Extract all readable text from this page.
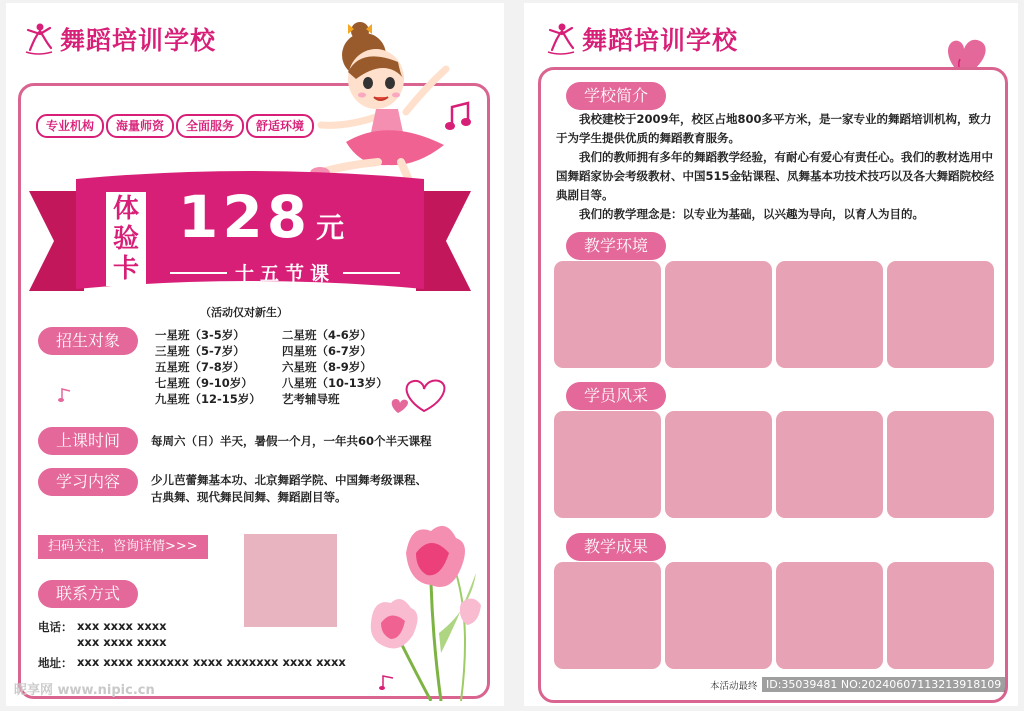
舞蹈培训学校
专业机构	海量师资	全面服务	舒适环境
体
验
卡
128 元
十五节课
（活动仅对新生）
招生对象	一星班（3-5岁）	二星班（4-6岁）
三星班（5-7岁）	四星班（6-7岁）
五星班（7-8岁）	六星班（8-9岁）
七星班（9-10岁）	八星班（10-13岁）
九星班（12-15岁） 艺考辅导班
上课时间	每周六（日）半天，暑假一个月，一年共60个半天课程
学习内容	少儿芭蕾舞基本功、北京舞蹈学院、中国舞考级课程、
古典舞、现代舞民间舞、舞蹈剧目等。
扫码关注，咨询详情>>>
联系方式
电话： xxx xxxx xxxx
xxx xxxx xxxx
地址： xxx xxxx xxxxxxx xxxx xxxxxxx xxxx xxxx
昵享网 www.nipic.cn
舞蹈培训学校
学校简介
我校建校于2009年，校区占地800多平方米，是一家专业的舞蹈培训机构，致力于为学生提供优质的舞蹈教育服务。
我们的教师拥有多年的舞蹈教学经验，有耐心有爱心有责任心。我们的教材选用中国舞蹈家协会考级教材、中国515金钻课程、凤舞基本功技术技巧以及各大舞蹈院校经典剧目等。
我们的教学理念是：以专业为基础，以兴趣为导向，以育人为目的。
教学环境
学员风采
教学成果
本活动最终 ID:35039481 NO:20240607113213918109
